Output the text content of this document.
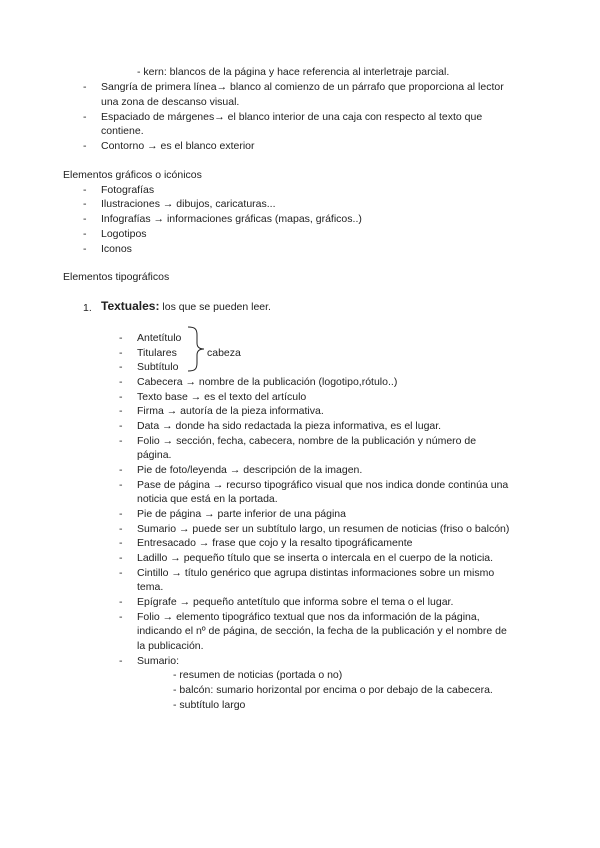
- kern: blancos de la página y hace referencia al interletraje parcial.
- Sangría de primera línea→ blanco al comienzo de un párrafo que proporciona al lector
una zona de descanso visual.
- Espaciado de márgenes→ el blanco interior de una caja con respecto al texto que
contiene.
- Contorno → es el blanco exterior
Elementos gráficos o icónicos
- Fotografías
- Ilustraciones → dibujos, caricaturas...
- Infografías → informaciones gráficas (mapas, gráficos..)
- Logotipos
- Iconos
Elementos tipográficos
1. Textuales: los que se pueden leer.
- Antetítulo
- Titulares
- Subtítulo
cabeza
- Cabecera → nombre de la publicación (logotipo,rótulo..)
- Texto base → es el texto del artículo
- Firma → autoría de la pieza informativa.
- Data → donde ha sido redactada la pieza informativa, es el lugar.
- Folio → sección, fecha, cabecera, nombre de la publicación y número de
página.
- Pie de foto/leyenda → descripción de la imagen.
- Pase de página → recurso tipográfico visual que nos indica donde continúa una
noticia que está en la portada.
- Pie de página → parte inferior de una página
- Sumario → puede ser un subtítulo largo, un resumen de noticias (friso o balcón)
- Entresacado → frase que cojo y la resalto tipográficamente
- Ladillo → pequeño título que se inserta o intercala en el cuerpo de la noticia.
- Cintillo → título genérico que agrupa distintas informaciones sobre un mismo
tema.
- Epígrafe → pequeño antetítulo que informa sobre el tema o el lugar.
- Folio → elemento tipográfico textual que nos da información de la página,
indicando el nº de página, de sección, la fecha de la publicación y el nombre de
la publicación.
- Sumario:
- resumen de noticias (portada o no)
- balcón: sumario horizontal por encima o por debajo de la cabecera.
- subtítulo largo
